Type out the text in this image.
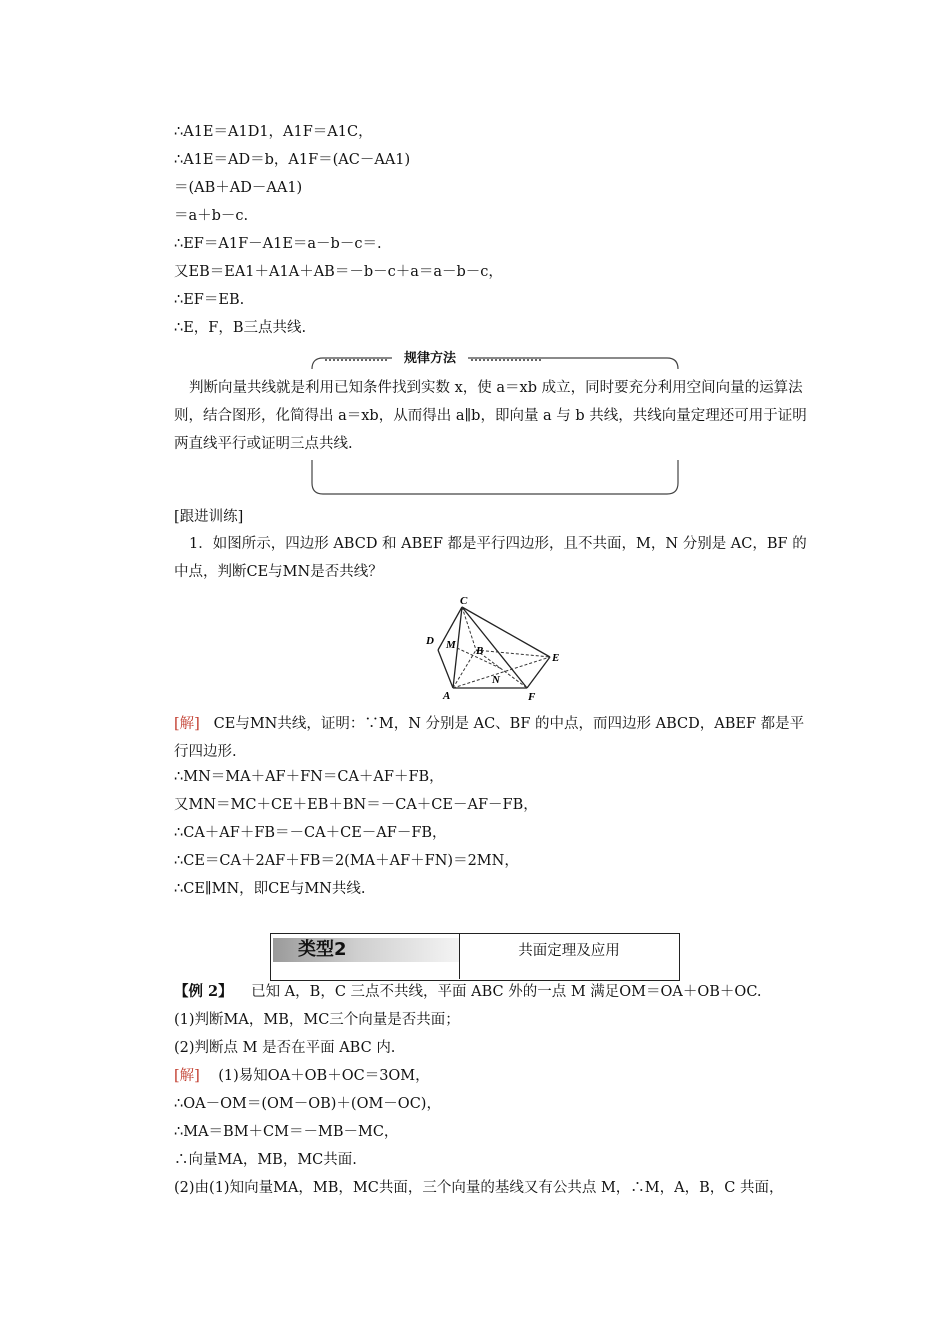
∴A1E＝A1D1，A1F＝A1C，
∴A1E＝AD＝b，A1F＝(AC－AA1)
＝(AB＋AD－AA1)
＝a＋b－c.
∴EF＝A1F－A1E＝a－b－c＝.
又EB＝EA1＋A1A＋AB＝－b－c＋a＝a－b－c，
∴EF＝EB.
∴E，F，B三点共线.
规律方法
判断向量共线就是利用已知条件找到实数 x，使 a＝xb 成立，同时要充分利用空间向量的运算法则，结合图形，化简得出 a＝xb，从而得出 a∥b，即向量 a 与 b 共线，共线向量定理还可用于证明两直线平行或证明三点共线.
[跟进训练]
1．如图所示，四边形 ABCD 和 ABEF 都是平行四边形，且不共面，M，N 分别是 AC，BF 的中点，判断CE与MN是否共线？
C
D M B
E
N
A	F
[解] CE与MN共线，证明：∵M，N 分别是 AC、BF 的中点，而四边形 ABCD，ABEF 都是平行四边形.
∴MN＝MA＋AF＋FN＝CA＋AF＋FB，
又MN＝MC＋CE＋EB＋BN＝－CA＋CE－AF－FB，
∴CA＋AF＋FB＝－CA＋CE－AF－FB，
∴CE＝CA＋2AF＋FB＝2(MA＋AF＋FN)＝2MN，
∴CE∥MN，即CE与MN共线.
类型2	共面定理及应用
【例 2】 已知 A，B，C 三点不共线，平面 ABC 外的一点 M 满足OM＝OA＋OB＋OC.
(1)判断MA，MB，MC三个向量是否共面；
(2)判断点 M 是否在平面 ABC 内.
[解] (1)易知OA＋OB＋OC＝3OM，
∴OA－OM＝(OM－OB)＋(OM－OC)，
∴MA＝BM＋CM＝－MB－MC，
∴向量MA，MB，MC共面.
(2)由(1)知向量MA，MB，MC共面，三个向量的基线又有公共点 M，∴M，A，B，C 共面，
